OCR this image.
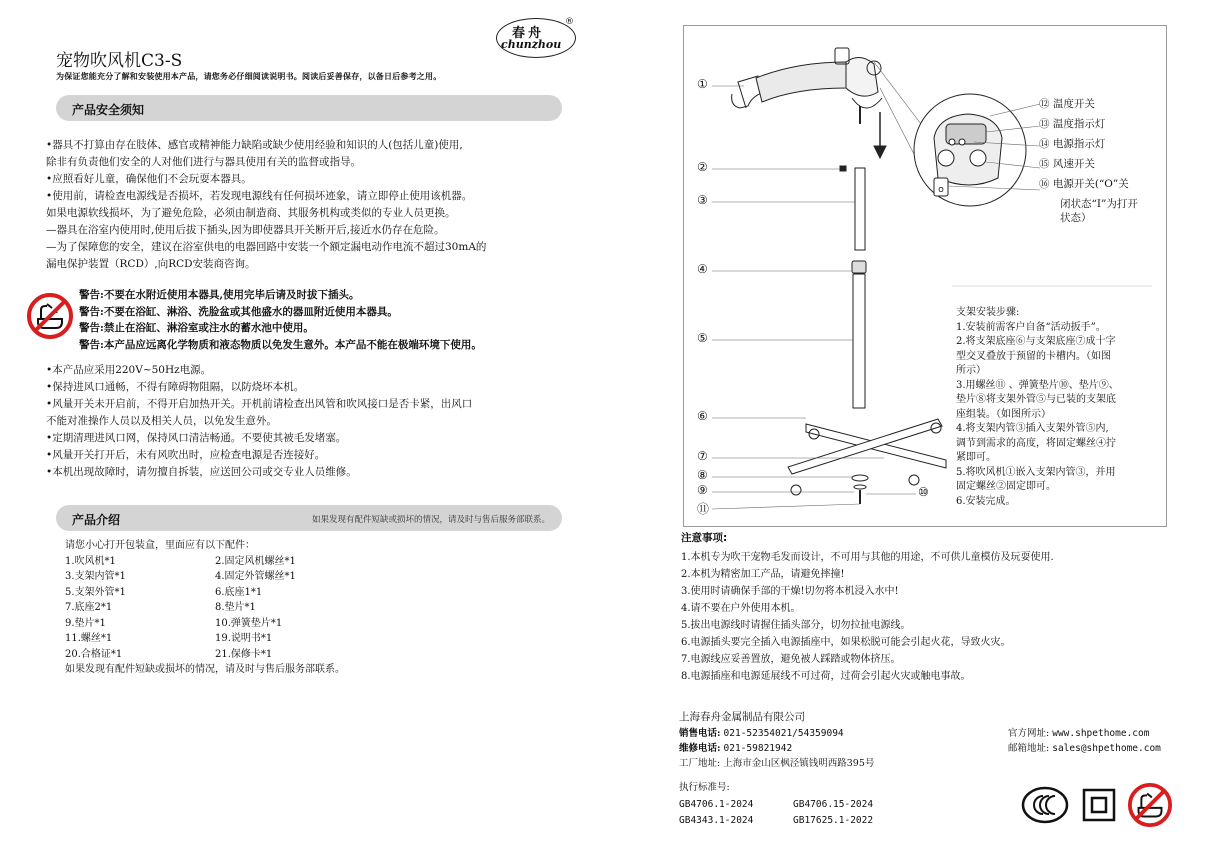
春舟
chunzhou
®
宠物吹风机C3-S
为保证您能充分了解和安装使用本产品，请您务必仔细阅读说明书。阅读后妥善保存，以备日后参考之用。
产品安全须知
•器具不打算由存在肢体、感官或精神能力缺陷或缺少使用经验和知识的人(包括儿童)使用,
除非有负责他们安全的人对他们进行与器具使用有关的监督或指导。
•应照看好儿童，确保他们不会玩耍本器具。
•使用前，请检查电源线是否损坏，若发现电源线有任何损坏迹象，请立即停止使用该机器。
如果电源软线损坏，为了避免危险，必须由制造商、其服务机构或类似的专业人员更换。
—器具在浴室内使用时,使用后拔下插头,因为即使器具开关断开后,接近水仍存在危险。
—为了保障您的安全，建议在浴室供电的电器回路中安装一个额定漏电动作电流不超过30mA的
漏电保护装置（RCD）,向RCD安装商咨询。
警告:不要在水附近使用本器具,使用完毕后请及时拔下插头。
警告:不要在浴缸、淋浴、洗脸盆或其他盛水的器皿附近使用本器具。
警告:禁止在浴缸、淋浴室或注水的蓄水池中使用。
警告:本产品应远离化学物质和液态物质以免发生意外。本产品不能在极端环境下使用。
•本产品应采用220V~50Hz电源。
•保持进风口通畅，不得有障碍物阻隔，以防烧坏本机。
•风量开关未开启前，不得开启加热开关。开机前请检查出风管和吹风接口是否卡紧，出风口
不能对准操作人员以及相关人员，以免发生意外。
•定期清理进风口网，保持风口清洁畅通。不要使其被毛发堵塞。
•风量开关打开后，未有风吹出时，应检查电源是否连接好。
•本机出现故障时，请勿擅自拆装，应送回公司或交专业人员维修。
产品介绍	如果发现有配件短缺或损坏的情况，请及时与售后服务部联系。
请您小心打开包装盒，里面应有以下配件：
1.吹风机*1	2.固定风机螺丝*1
3.支架内管*1	4.固定外管螺丝*1
5.支架外管*1	6.底座1*1
7.底座2*1	8.垫片*1
9.垫片*1	10.弹簧垫片*1
11.螺丝*1	19.说明书*1
20.合格证*1	21.保修卡*1
如果发现有配件短缺或损坏的情况，请及时与售后服务部联系。
O
①
②
③
④
⑤
⑥
⑦
⑧
⑨	⑩
⑪
⑫ 温度开关
⑬ 温度指示灯
⑭ 电源指示灯
⑮ 风速开关
⑯ 电源开关(“O”关
闭状态“I”为打开
状态）
支架安装步骤:
1.安装前需客户自备“活动扳手”。
2.将支架底座⑥与支架底座⑦成十字
型交叉叠放于预留的卡槽内。（如图
所示）
3.用螺丝⑪ 、弹簧垫片⑩、垫片⑨、
垫片⑧将支架外管⑤与已装的支架底
座组装。（如图所示）
4.将支架内管③插入支架外管⑤内,
调节到需求的高度，将固定螺丝④拧
紧即可。
5.将吹风机①嵌入支架内管③，并用
固定螺丝②固定即可。
6.安装完成。
注意事项:
1.本机专为吹干宠物毛发而设计，不可用与其他的用途，不可供儿童模仿及玩耍使用.
2.本机为精密加工产品，请避免摔撞!
3.使用时请确保手部的干燥!切勿将本机浸入水中!
4.请不要在户外使用本机。
5.拔出电源线时请握住插头部分，切勿拉扯电源线。
6.电源插头要完全插入电源插座中，如果松脱可能会引起火花，导致火灾。
7.电源线应妥善置放，避免被人踩踏或物体挤压。
8.电源插座和电源延展线不可过荷，过荷会引起火灾或触电事故。
上海春舟金属制品有限公司
销售电话: 021-52354021/54359094
维修电话: 021-59821942
工厂地址: 上海市金山区枫泾镇钱明西路395号
官方网址: www.shpethome.com
邮箱地址: sales@shpethome.com
执行标准号:
GB4706.1-2024	GB4706.15-2024
GB4343.1-2024	GB17625.1-2022
